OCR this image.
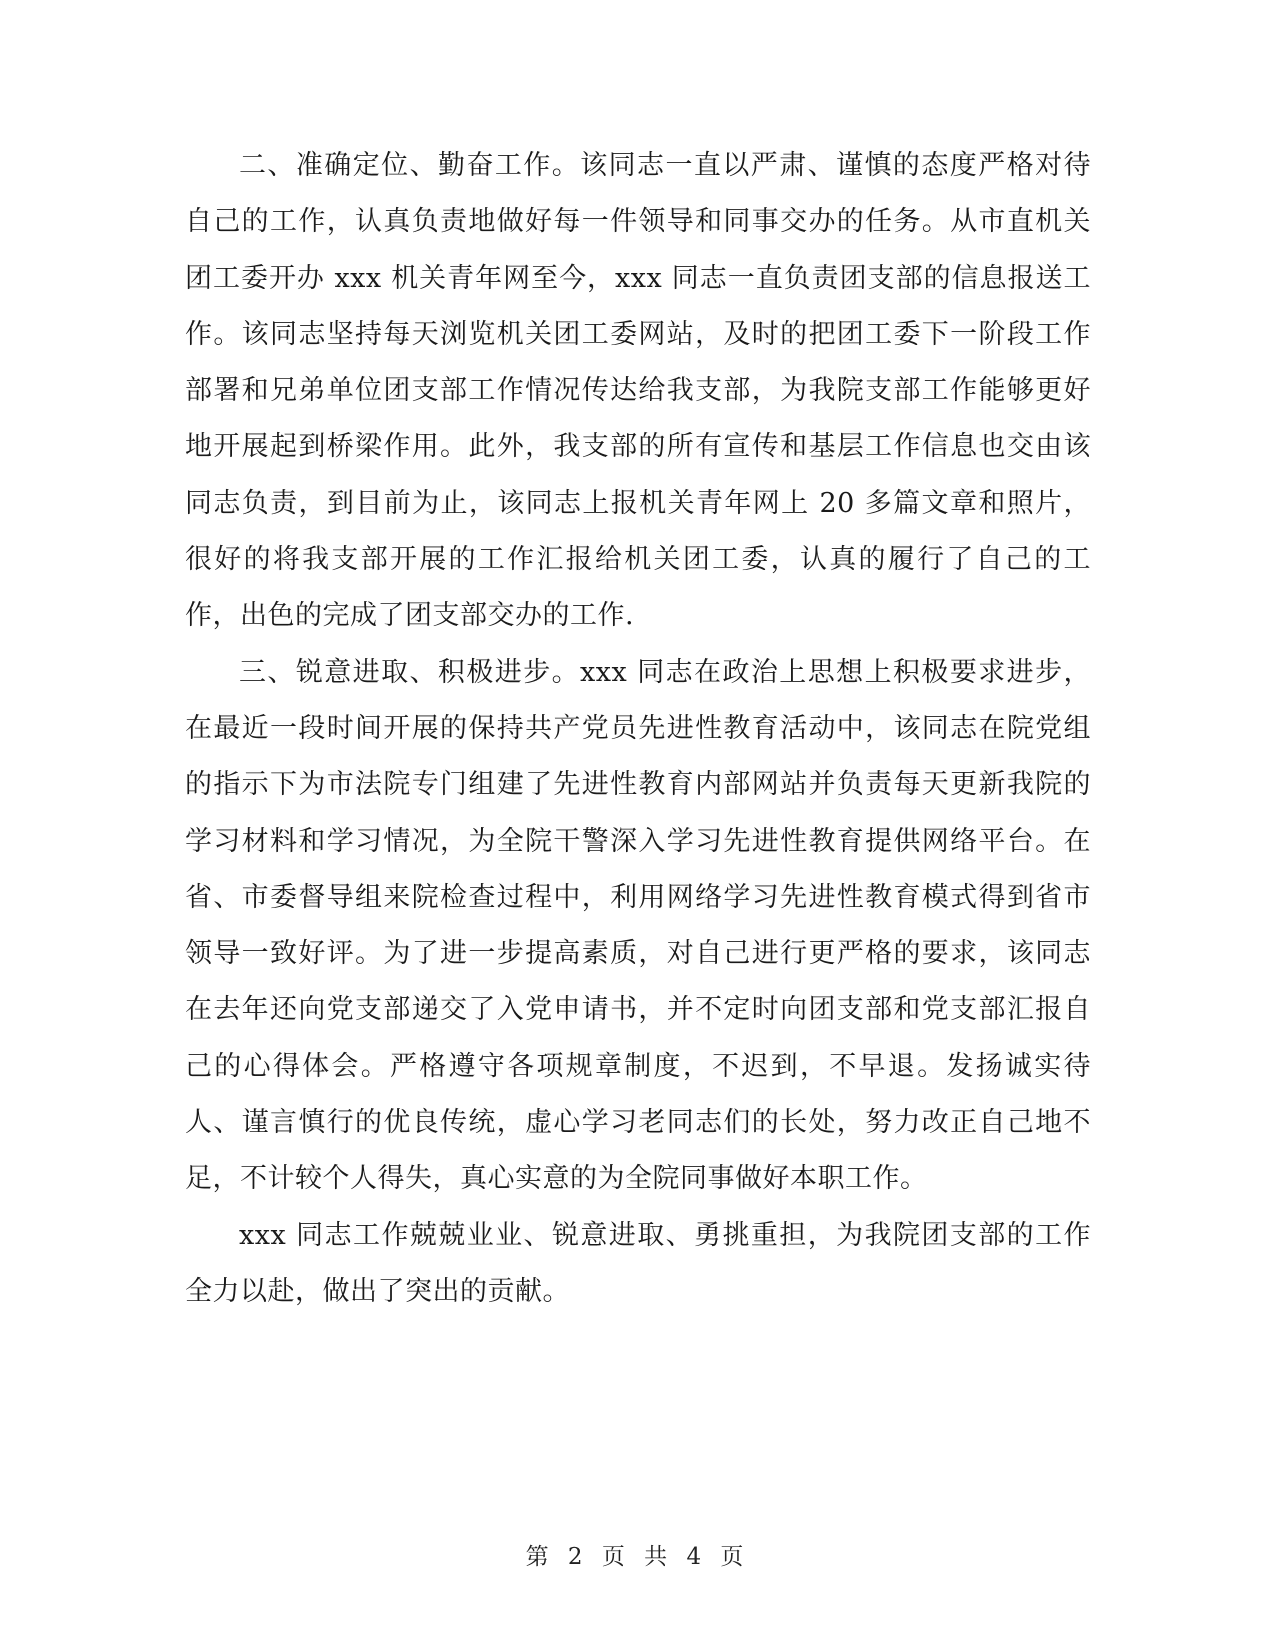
二、准确定位、勤奋工作。该同志一直以严肃、谨慎的态度严格对待自己的工作，认真负责地做好每一件领导和同事交办的任务。从市直机关团工委开办 xxx 机关青年网至今，xxx 同志一直负责团支部的信息报送工作。该同志坚持每天浏览机关团工委网站，及时的把团工委下一阶段工作部署和兄弟单位团支部工作情况传达给我支部，为我院支部工作能够更好地开展起到桥梁作用。此外，我支部的所有宣传和基层工作信息也交由该同志负责，到目前为止，该同志上报机关青年网上 20 多篇文章和照片，很好的将我支部开展的工作汇报给机关团工委，认真的履行了自己的工作，出色的完成了团支部交办的工作.

三、锐意进取、积极进步。xxx 同志在政治上思想上积极要求进步，在最近一段时间开展的保持共产党员先进性教育活动中，该同志在院党组的指示下为市法院专门组建了先进性教育内部网站并负责每天更新我院的学习材料和学习情况，为全院干警深入学习先进性教育提供网络平台。在省、市委督导组来院检查过程中，利用网络学习先进性教育模式得到省市领导一致好评。为了进一步提高素质，对自己进行更严格的要求，该同志在去年还向党支部递交了入党申请书，并不定时向团支部和党支部汇报自己的心得体会。严格遵守各项规章制度，不迟到，不早退。发扬诚实待人、谨言慎行的优良传统，虚心学习老同志们的长处，努力改正自己地不足，不计较个人得失，真心实意的为全院同事做好本职工作。

xxx 同志工作兢兢业业、锐意进取、勇挑重担，为我院团支部的工作全力以赴，做出了突出的贡献。

第 2 页 共 4 页
